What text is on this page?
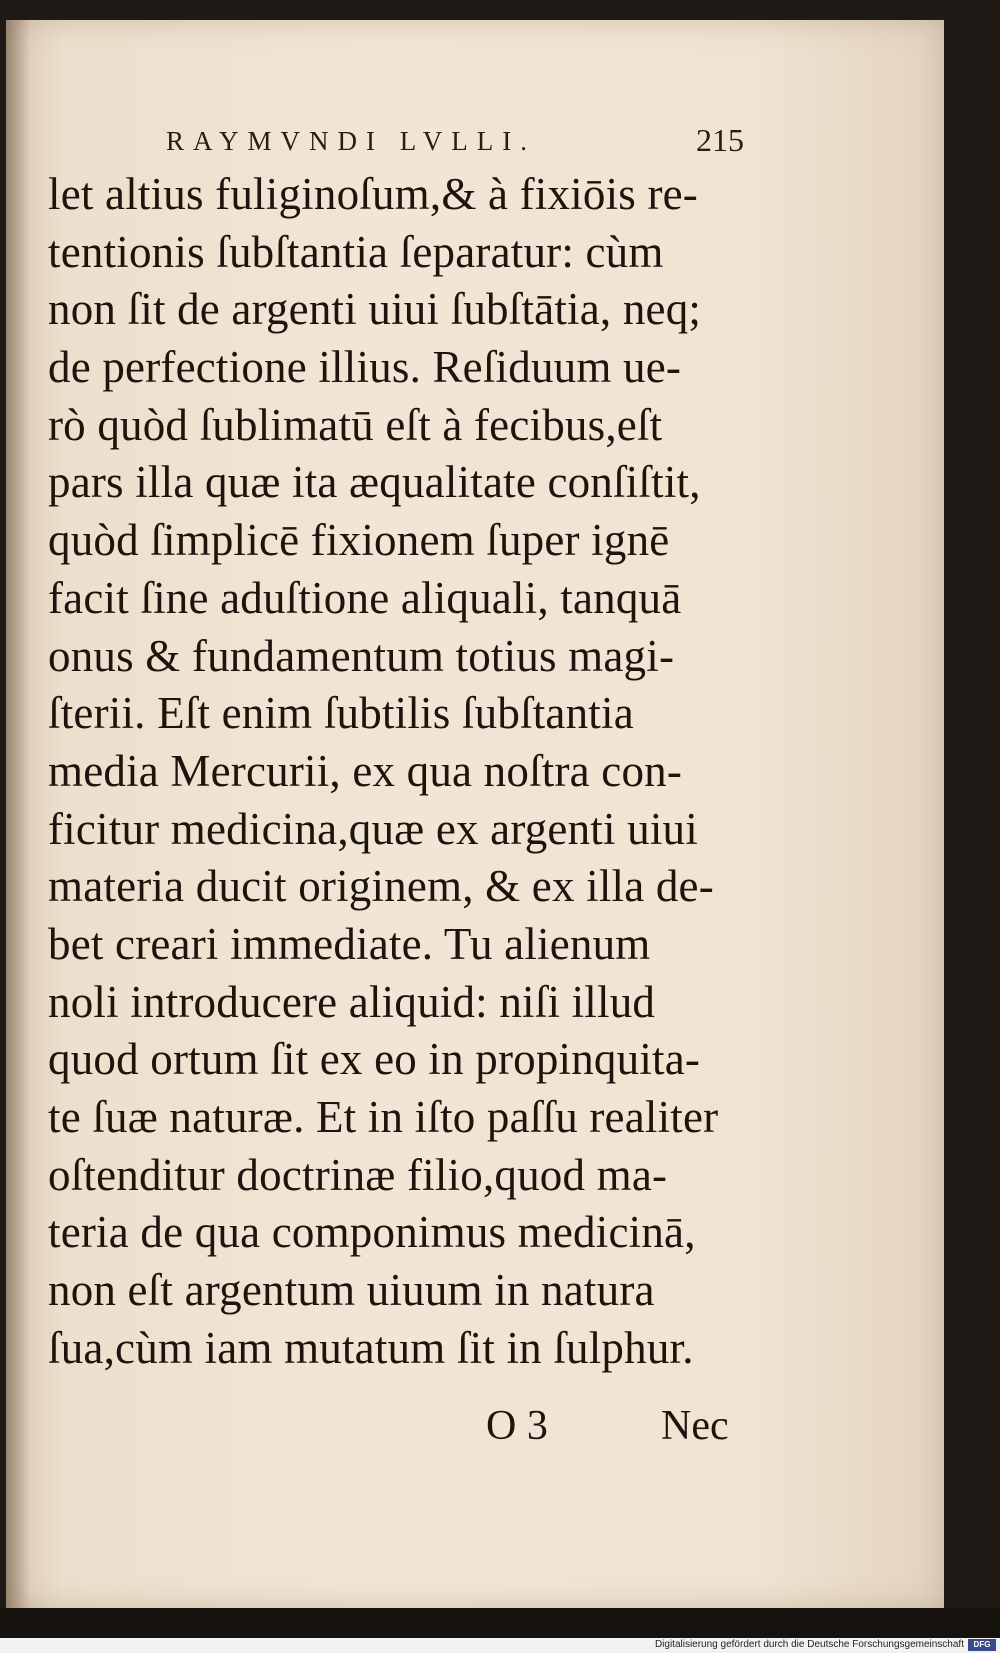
RAYMVNDI LVLLI.	215
let altius fuliginoſum,& à fixiōis re-
tentionis ſubſtantia ſeparatur: cùm
non ſit de argenti uiui ſubſtātia, neq;
de perfectione illius. Reſiduum ue-
rò quòd ſublimatū eſt à fecibus,eſt
pars illa quæ ita æqualitate conſiſtit,
quòd ſimplicē fixionem ſuper ignē
facit ſine aduſtione aliquali, tanquā
onus & fundamentum totius magi-
ſterii. Eſt enim ſubtilis ſubſtantia
media Mercurii, ex qua noſtra con-
ficitur medicina,quæ ex argenti uiui
materia ducit originem, & ex illa de-
bet creari immediate. Tu alienum
noli introducere aliquid: niſi illud
quod ortum ſit ex eo in propinquita-
te ſuæ naturæ. Et in iſto paſſu realiter
oſtenditur doctrinæ filio,quod ma-
teria de qua componimus medicinā,
non eſt argentum uiuum in natura
ſua,cùm iam mutatum ſit in ſulphur.
O 3	Nec
Digitalisierung gefördert durch die Deutsche Forschungsgemeinschaft	DFG
